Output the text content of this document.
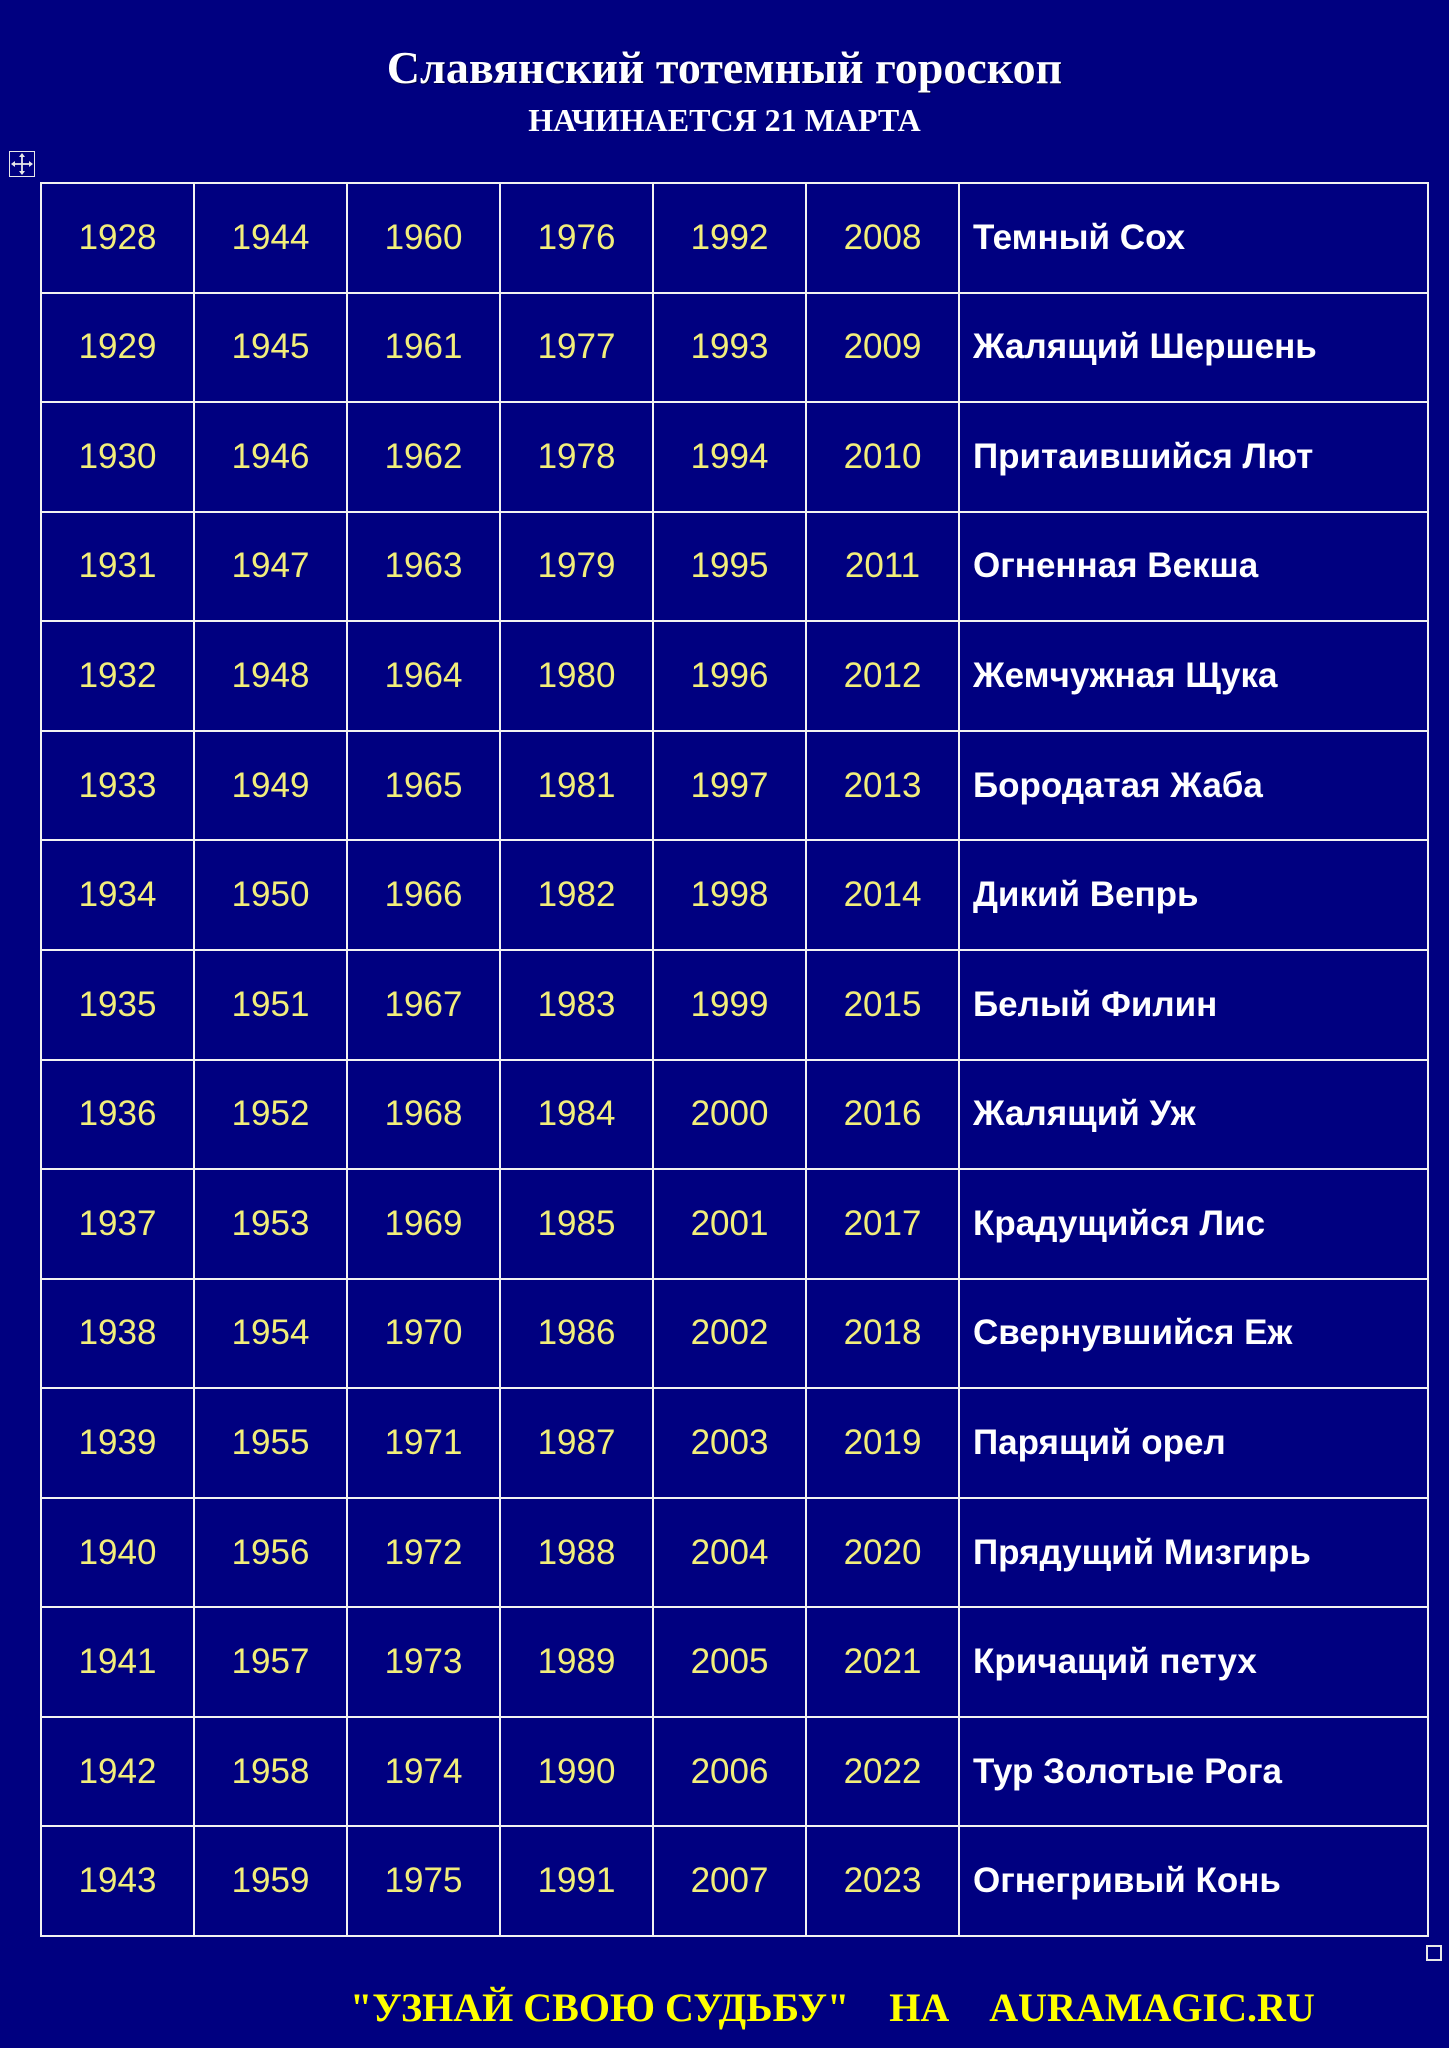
Славянский тотемный гороскоп
НАЧИНАЕТСЯ 21 МАРТА
1928	1944	1960	1976	1992	2008	Темный Сох
1929	1945	1961	1977	1993	2009	Жалящий Шершень
1930	1946	1962	1978	1994	2010	Притаившийся Лют
1931	1947	1963	1979	1995	2011	Огненная Векша
1932	1948	1964	1980	1996	2012	Жемчужная Щука
1933	1949	1965	1981	1997	2013	Бородатая Жаба
1934	1950	1966	1982	1998	2014	Дикий Вепрь
1935	1951	1967	1983	1999	2015	Белый Филин
1936	1952	1968	1984	2000	2016	Жалящий Уж
1937	1953	1969	1985	2001	2017	Крадущийся Лис
1938	1954	1970	1986	2002	2018	Свернувшийся Еж
1939	1955	1971	1987	2003	2019	Парящий орел
1940	1956	1972	1988	2004	2020	Прядущий Мизгирь
1941	1957	1973	1989	2005	2021	Кричащий петух
1942	1958	1974	1990	2006	2022	Тур Золотые Рога
1943	1959	1975	1991	2007	2023	Огнегривый Конь
"УЗНАЙ СВОЮ СУДЬБУ"    НА    AURAMAGIC.RU
